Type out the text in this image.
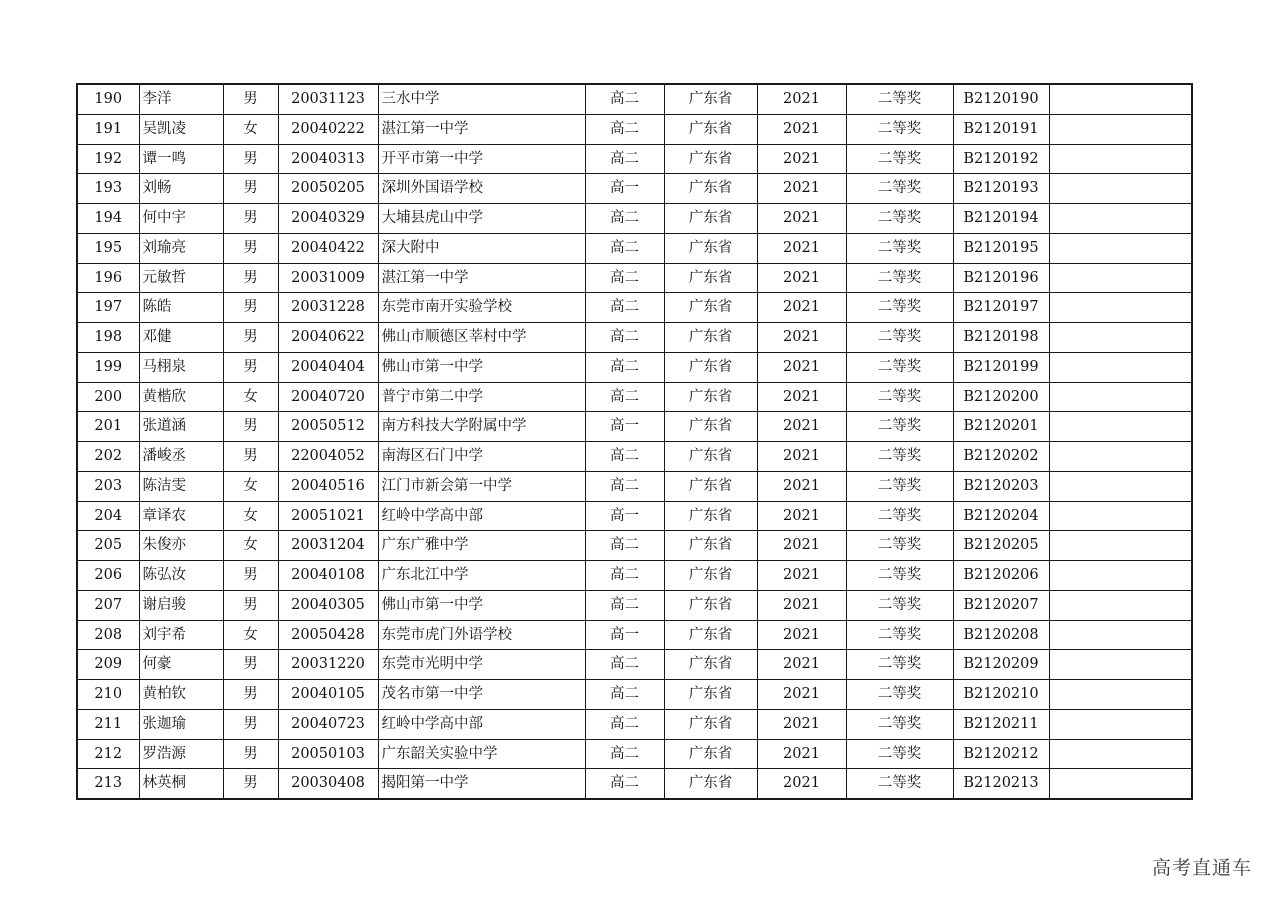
190	李洋	男	20031123	三水中学	高二	广东省	2021	二等奖	B2120190	
191	吴凯凌	女	20040222	湛江第一中学	高二	广东省	2021	二等奖	B2120191	
192	谭一鸣	男	20040313	开平市第一中学	高二	广东省	2021	二等奖	B2120192	
193	刘畅	男	20050205	深圳外国语学校	高一	广东省	2021	二等奖	B2120193	
194	何中宇	男	20040329	大埔县虎山中学	高二	广东省	2021	二等奖	B2120194	
195	刘瑜亮	男	20040422	深大附中	高二	广东省	2021	二等奖	B2120195	
196	元敏哲	男	20031009	湛江第一中学	高二	广东省	2021	二等奖	B2120196	
197	陈皓	男	20031228	东莞市南开实验学校	高二	广东省	2021	二等奖	B2120197	
198	邓健	男	20040622	佛山市顺德区莘村中学	高二	广东省	2021	二等奖	B2120198	
199	马栩泉	男	20040404	佛山市第一中学	高二	广东省	2021	二等奖	B2120199	
200	黄楷欣	女	20040720	普宁市第二中学	高二	广东省	2021	二等奖	B2120200	
201	张道涵	男	20050512	南方科技大学附属中学	高一	广东省	2021	二等奖	B2120201	
202	潘峻丞	男	22004052	南海区石门中学	高二	广东省	2021	二等奖	B2120202	
203	陈洁雯	女	20040516	江门市新会第一中学	高二	广东省	2021	二等奖	B2120203	
204	章译农	女	20051021	红岭中学高中部	高一	广东省	2021	二等奖	B2120204	
205	朱俊亦	女	20031204	广东广雅中学	高二	广东省	2021	二等奖	B2120205	
206	陈弘汝	男	20040108	广东北江中学	高二	广东省	2021	二等奖	B2120206	
207	谢启骏	男	20040305	佛山市第一中学	高二	广东省	2021	二等奖	B2120207	
208	刘宇希	女	20050428	东莞市虎门外语学校	高一	广东省	2021	二等奖	B2120208	
209	何豪	男	20031220	东莞市光明中学	高二	广东省	2021	二等奖	B2120209	
210	黄柏钦	男	20040105	茂名市第一中学	高二	广东省	2021	二等奖	B2120210	
211	张迦瑜	男	20040723	红岭中学高中部	高二	广东省	2021	二等奖	B2120211	
212	罗浩源	男	20050103	广东韶关实验中学	高二	广东省	2021	二等奖	B2120212	
213	林英桐	男	20030408	揭阳第一中学	高二	广东省	2021	二等奖	B2120213	
高考直通车
